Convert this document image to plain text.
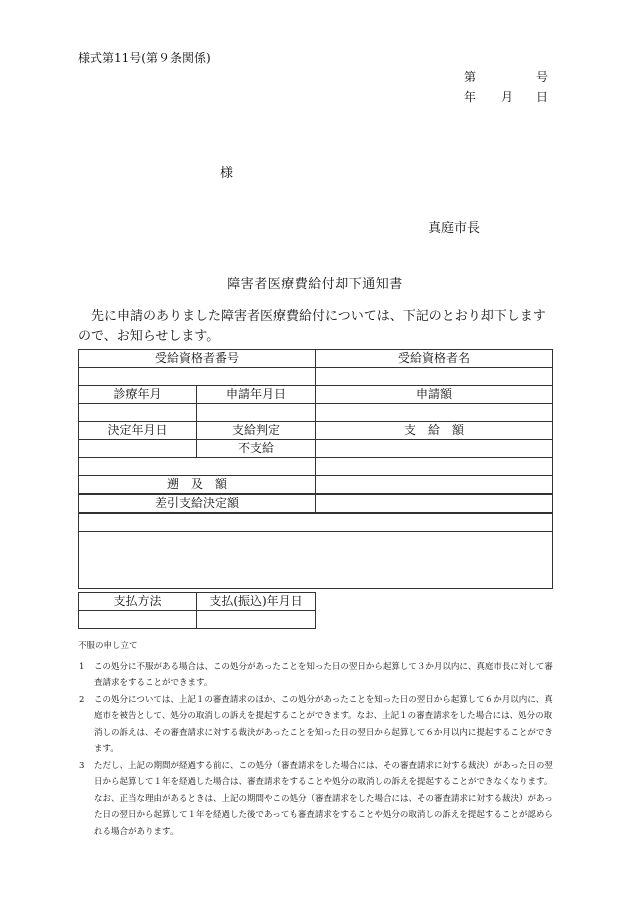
様式第11号(第９条関係)
第	号
年 月 日
様
真庭市長
障害者医療費給付却下通知書
先に申請のありました障害者医療費給付については、下記のとおり却下しますので、お知らせします。
受給資格者番号		受給資格者名

診療年月	申請年月日	申請額

決定年月日	支給判定	支　給　額
	不支給	

遡　及　額		
差引支給決定額		

支払方法	支払(振込)年月日

不服の申し立て
1 この処分に不服がある場合は、この処分があったことを知った日の翌日から起算して３か月以内に、真庭市長に対して審査請求をすることができます。
2 この処分については、上記１の審査請求のほか、この処分があったことを知った日の翌日から起算して６か月以内に、真庭市を被告として、処分の取消しの訴えを提起することができます。なお、上記１の審査請求をした場合には、処分の取消しの訴えは、その審査請求に対する裁決があったことを知った日の翌日から起算して６か月以内に提起することができます。
3 ただし、上記の期間が経過する前に、この処分（審査請求をした場合には、その審査請求に対する裁決）があった日の翌日から起算して１年を経過した場合は、審査請求をすることや処分の取消しの訴えを提起することができなくなります。なお、正当な理由があるときは、上記の期間やこの処分（審査請求をした場合には、その審査請求に対する裁決）があった日の翌日から起算して１年を経過した後であっても審査請求をすることや処分の取消しの訴えを提起することが認められる場合があります。
